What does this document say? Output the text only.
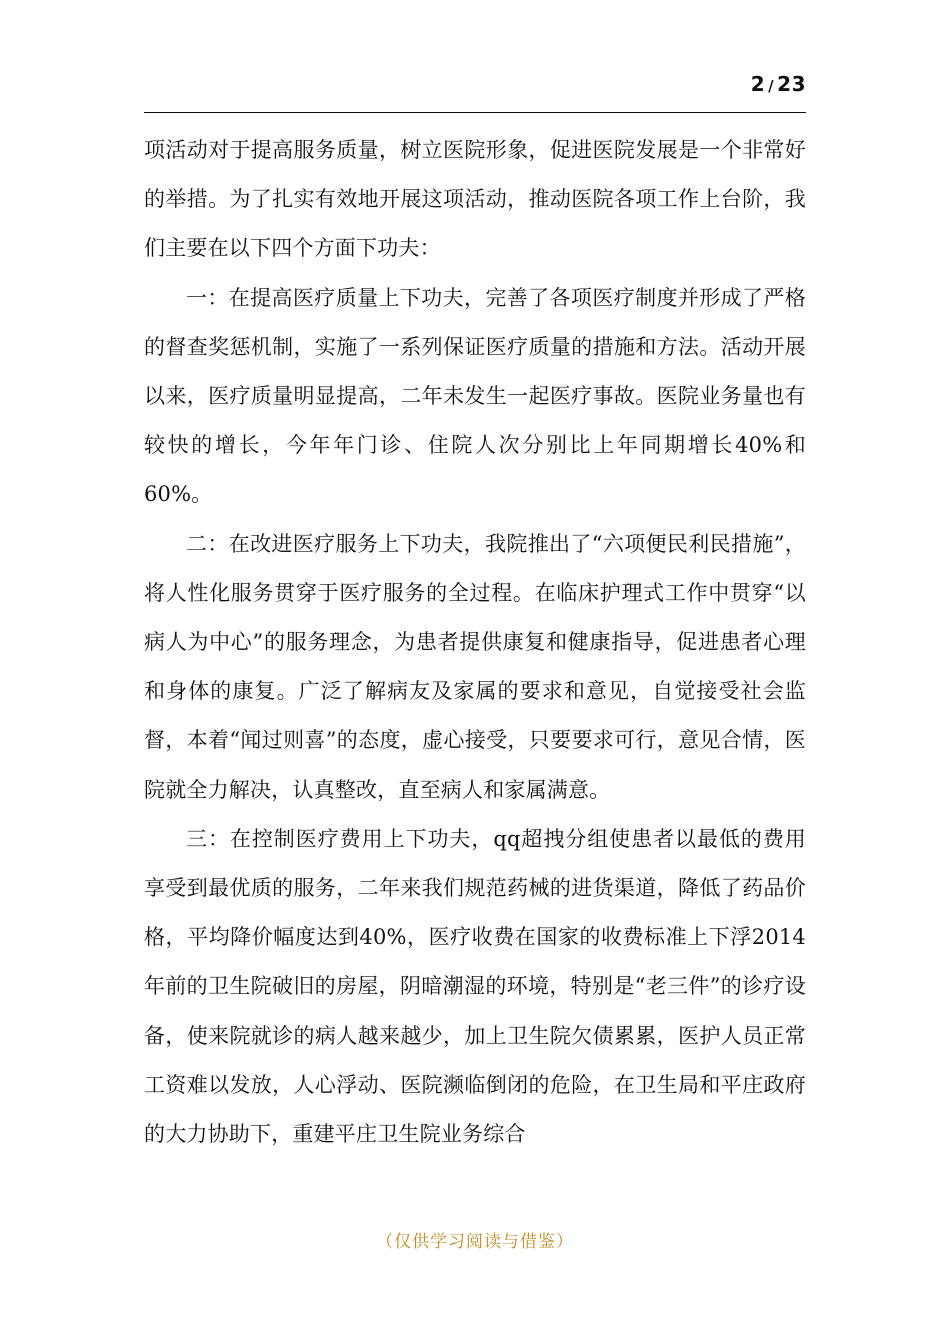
2 / 23

项活动对于提高服务质量，树立医院形象，促进医院发展是一个非常好的举措。为了扎实有效地开展这项活动，推动医院各项工作上台阶，我们主要在以下四个方面下功夫：

一：在提高医疗质量上下功夫，完善了各项医疗制度并形成了严格的督查奖惩机制，实施了一系列保证医疗质量的措施和方法。活动开展以来，医疗质量明显提高，二年未发生一起医疗事故。医院业务量也有较快的增长，今年年门诊、住院人次分别比上年同期增长40%和60%。

二：在改进医疗服务上下功夫，我院推出了“六项便民利民措施”，将人性化服务贯穿于医疗服务的全过程。在临床护理式工作中贯穿“以病人为中心”的服务理念，为患者提供康复和健康指导，促进患者心理和身体的康复。广泛了解病友及家属的要求和意见，自觉接受社会监督，本着“闻过则喜”的态度，虚心接受，只要要求可行，意见合情，医院就全力解决，认真整改，直至病人和家属满意。

三：在控制医疗费用上下功夫，qq超拽分组使患者以最低的费用享受到最优质的服务，二年来我们规范药械的进货渠道，降低了药品价格，平均降价幅度达到40%，医疗收费在国家的收费标准上下浮2014年前的卫生院破旧的房屋，阴暗潮湿的环境，特别是“老三件”的诊疗设备，使来院就诊的病人越来越少，加上卫生院欠债累累，医护人员正常工资难以发放，人心浮动、医院濒临倒闭的危险，在卫生局和平庄政府的大力协助下，重建平庄卫生院业务综合

（仅供学习阅读与借鉴）
